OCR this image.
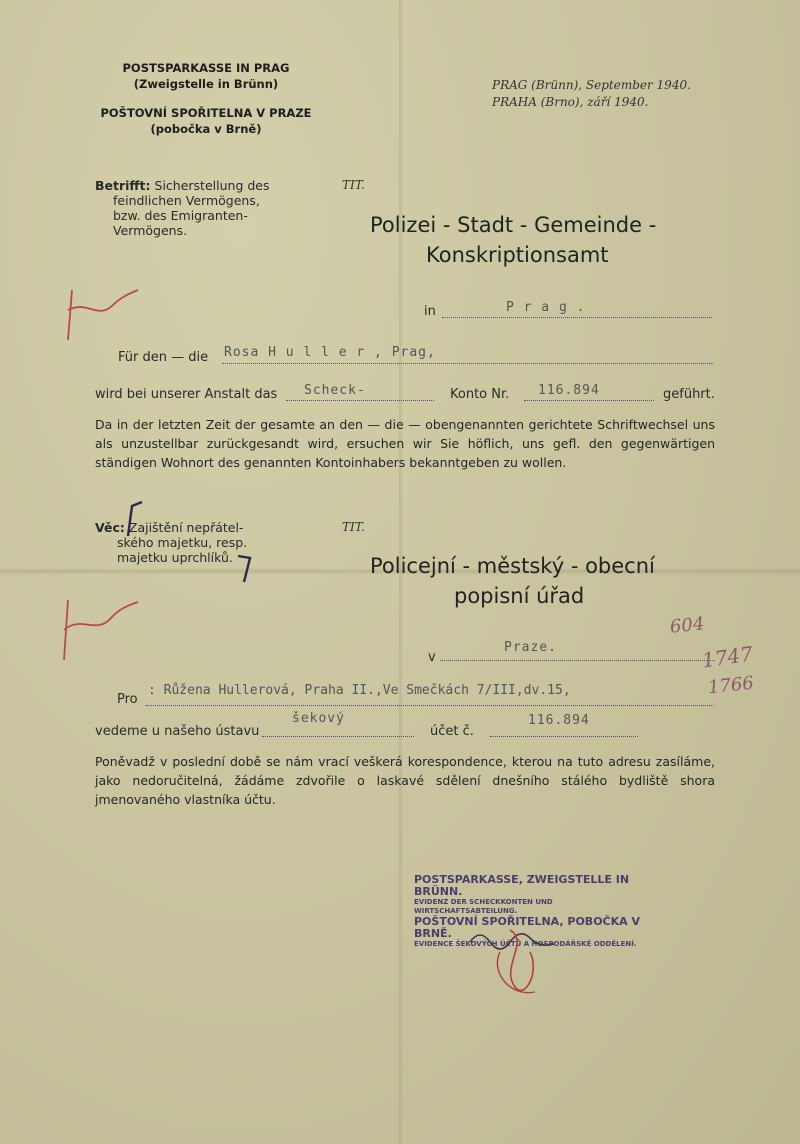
POSTSPARKASSE IN PRAG
(Zweigstelle in Brünn)
POŠTOVNÍ SPOŘITELNA V PRAZE
(pobočka v Brně)
PRAG (Brünn), September 1940.
PRAHA (Brno), září 1940.
Betrifft: Sicherstellung des
feindlichen Vermögens,
bzw. des Emigranten-
Vermögens.
TIT.
Polizei - Stadt - Gemeinde -
Konskriptionsamt
in	P r a g .
Für den — die Rosa H u l l e r , Prag,
wird bei unserer Anstalt das Scheck-	Konto Nr. 116.894	geführt.
Da in der letzten Zeit der gesamte an den — die — obengenannten gerichtete Schriftwechsel uns als unzustellbar zurückgesandt wird, ersuchen wir Sie höflich, uns gefl. den gegenwärtigen ständigen Wohnort des genannten Kontoinhabers bekanntgeben zu wollen.
Věc: Zajištění nepřátel-
ského majetku, resp.
majetku uprchlíků.
TIT.
Policejní - městský - obecní
popisní úřad
v
Praze.
Pro
: Růžena Hullerová, Praha II.,Ve Smečkách 7/III,dv.15,
vedeme u našeho ústavu
šekový
účet č.
116.894
Poněvadž v poslední době se nám vrací veškerá korespondence, kterou na tuto adresu zasíláme, jako nedoručitelná, žádáme zdvořile o laskavé sdělení dnešního stálého bydliště shora jmenovaného vlastníka účtu.
POSTSPARKASSE, ZWEIGSTELLE IN BRÜNN.
EVIDENZ DER SCHECKKONTEN UND WIRTSCHAFTSABTEILUNG.
POŠTOVNÍ SPOŘITELNA, POBOČKA V BRNĚ.
EVIDENCE ŠEKOVÝCH ÚČTŮ A HOSPODÁŘSKÉ ODDĚLENÍ.
604
1747
1766
